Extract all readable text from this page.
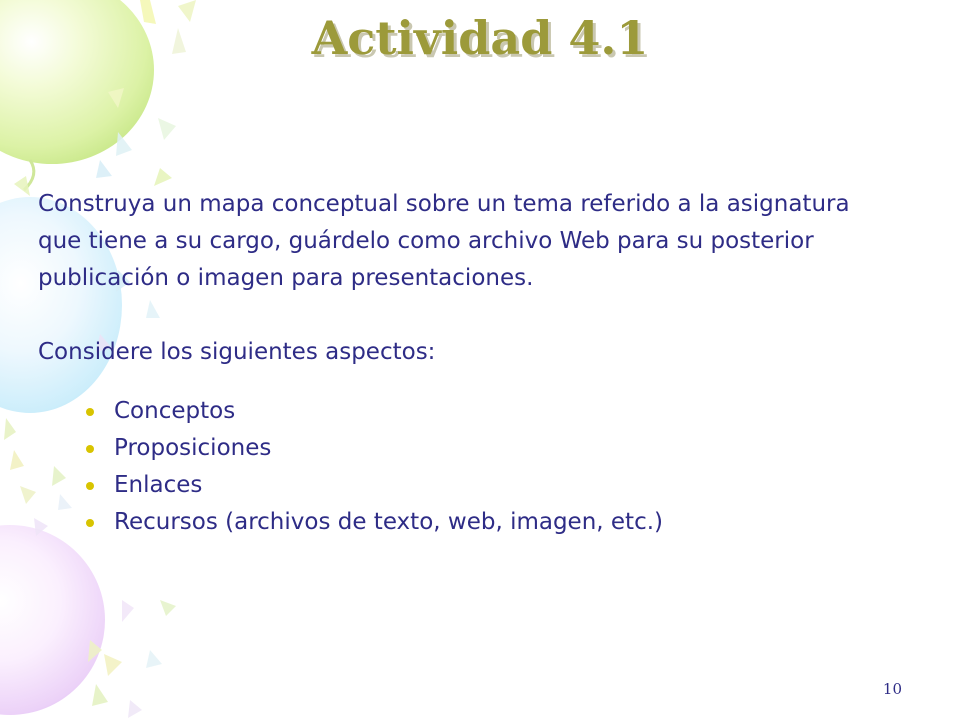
Actividad 4.1

Construya un mapa conceptual sobre un tema referido a la asignatura que tiene a su cargo, guárdelo como archivo Web para su posterior publicación o imagen para presentaciones.

Considere los siguientes aspectos:

Conceptos
Proposiciones
Enlaces
Recursos (archivos de texto, web, imagen, etc.)
10
